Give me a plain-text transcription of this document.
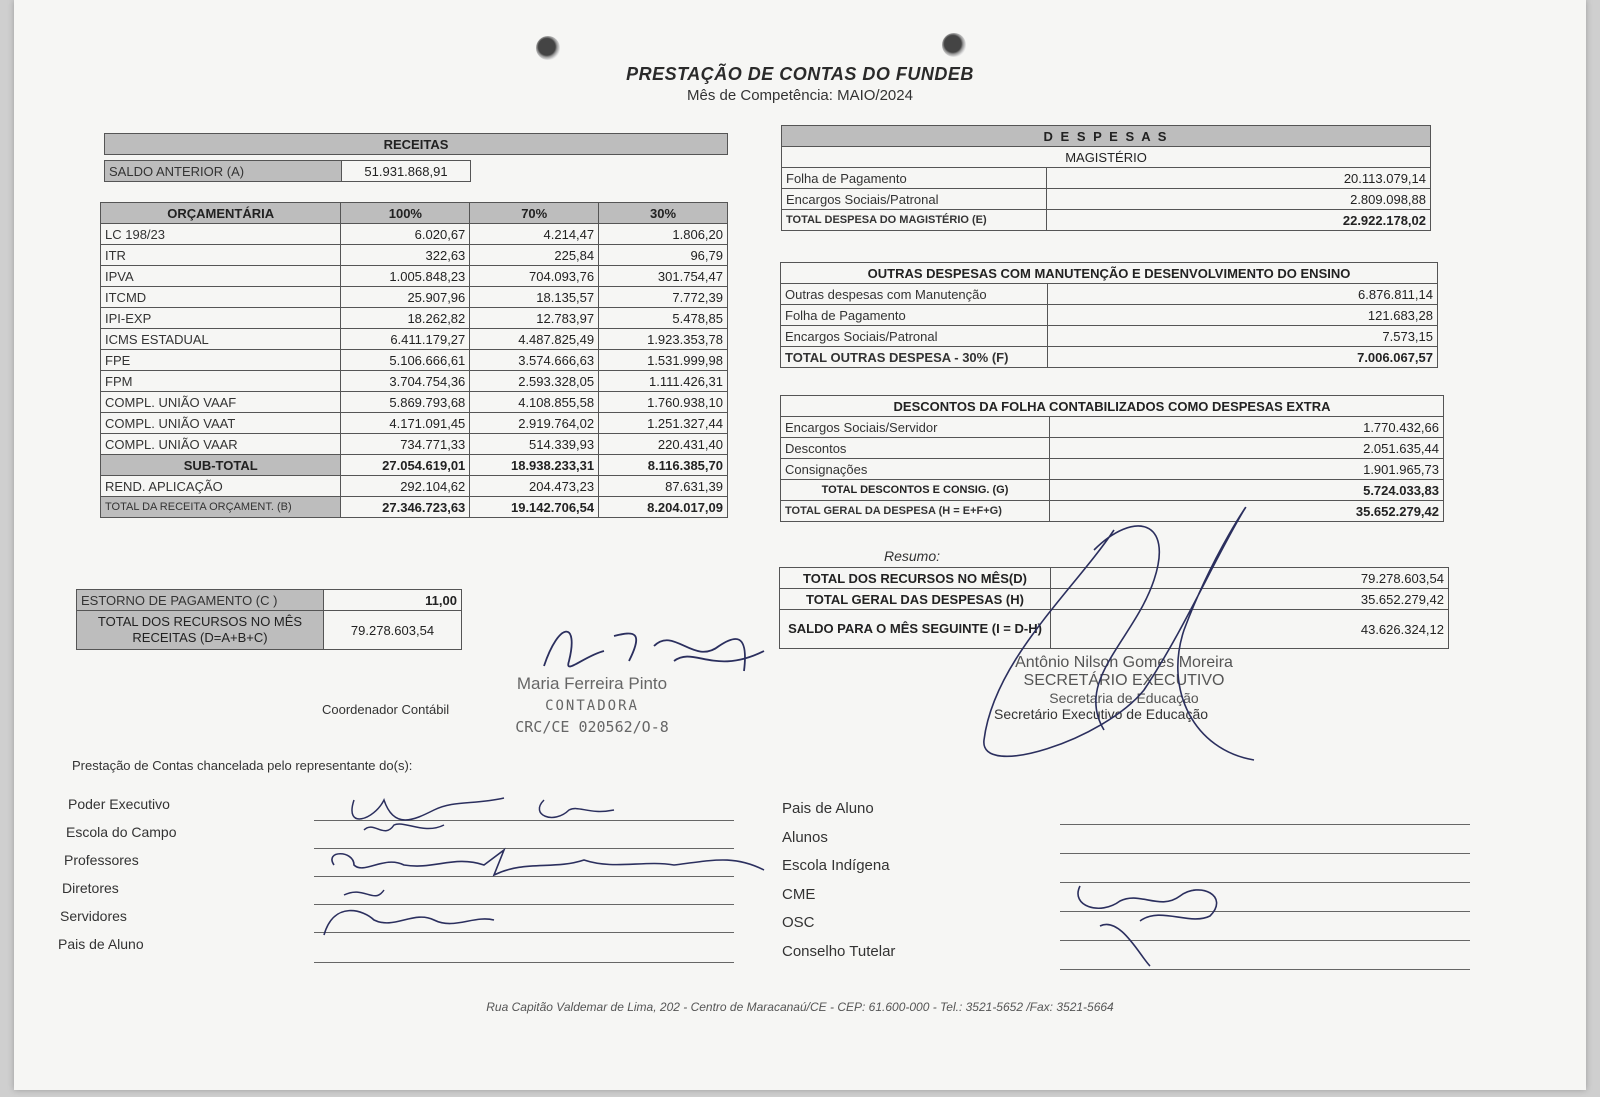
PRESTAÇÃO DE CONTAS DO FUNDEB
Mês de Competência: MAIO/2024
RECEITAS
SALDO ANTERIOR (A)	51.931.868,91
ORÇAMENTÁRIA	100%	70%	30%
LC 198/23	6.020,67	4.214,47	1.806,20
ITR	322,63	225,84	96,79
IPVA	1.005.848,23	704.093,76	301.754,47
ITCMD	25.907,96	18.135,57	7.772,39
IPI-EXP	18.262,82	12.783,97	5.478,85
ICMS ESTADUAL	6.411.179,27	4.487.825,49	1.923.353,78
FPE	5.106.666,61	3.574.666,63	1.531.999,98
FPM	3.704.754,36	2.593.328,05	1.111.426,31
COMPL. UNIÃO VAAF	5.869.793,68	4.108.855,58	1.760.938,10
COMPL. UNIÃO VAAT	4.171.091,45	2.919.764,02	1.251.327,44
COMPL. UNIÃO VAAR	734.771,33	514.339,93	220.431,40
SUB-TOTAL	27.054.619,01	18.938.233,31	8.116.385,70
REND. APLICAÇÃO	292.104,62	204.473,23	87.631,39
TOTAL DA RECEITA ORÇAMENT. (B)	27.346.723,63	19.142.706,54	8.204.017,09
ESTORNO DE PAGAMENTO (C )	11,00
TOTAL DOS RECURSOS NO MÊS RECEITAS (D=A+B+C)	79.278.603,54
D E S P E S A S	
MAGISTÉRIO	
Folha de Pagamento	20.113.079,14
Encargos Sociais/Patronal	2.809.098,88
TOTAL DESPESA DO MAGISTÉRIO (E)	22.922.178,02
OUTRAS DESPESAS COM MANUTENÇÃO E DESENVOLVIMENTO DO ENSINO	
Outras despesas com Manutenção	6.876.811,14
Folha de Pagamento	121.683,28
Encargos Sociais/Patronal	7.573,15
TOTAL OUTRAS DESPESA - 30% (F)	7.006.067,57
DESCONTOS DA FOLHA CONTABILIZADOS COMO DESPESAS EXTRA	
Encargos Sociais/Servidor	1.770.432,66
Descontos	2.051.635,44
Consignações	1.901.965,73
TOTAL DESCONTOS E CONSIG. (G)	5.724.033,83
TOTAL GERAL DA DESPESA (H = E+F+G)	35.652.279,42
Resumo:
TOTAL DOS RECURSOS NO MÊS(D)	79.278.603,54
TOTAL GERAL DAS DESPESAS (H)	35.652.279,42
SALDO PARA O MÊS SEGUINTE (I = D-H)	43.626.324,12
Maria Ferreira Pinto
CONTADORA
CRC/CE 020562/O-8
Coordenador Contábil
Antônio Nilson Gomes Moreira
SECRETÁRIO EXECUTIVO
Secretaria de Educação
Secretário Executivo de Educação
Prestação de Contas chancelada pelo representante do(s):
Poder Executivo
Escola do Campo
Professores
Diretores
Servidores
Pais de Aluno
Pais de Aluno
Alunos
Escola Indígena
CME
OSC
Conselho Tutelar
Rua Capitão Valdemar de Lima, 202 - Centro de Maracanaú/CE - CEP: 61.600-000 - Tel.: 3521-5652 /Fax: 3521-5664
